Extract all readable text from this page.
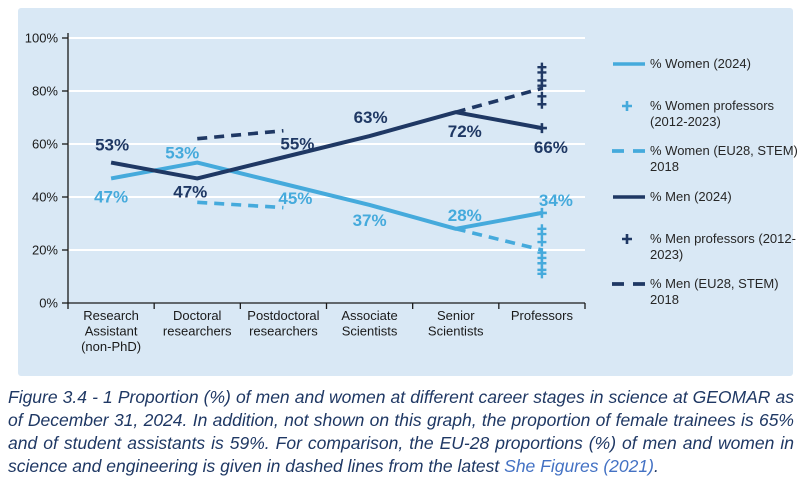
0%
20%
40%
60%
80%
100%
Research
Assistant
(non-PhD)
Doctoral
researchers
Postdoctoral
researchers
Associate
Scientists
Senior
Scientists
Professors
47%
53%
45%
37%	28%
34%
53%
47%
55%
63%
72%
66%
% Women (2024)
% Women professors (2012-2023)
% Women (EU28, STEM) 2018
% Men (2024)
% Men professors (2012-2023)
% Men (EU28, STEM) 2018

Figure 3.4 - 1 Proportion (%) of men and women at different career stages in science at GEOMAR as of December 31, 2024. In addition, not shown on this graph, the proportion of female trainees is 65% and of student assistants is 59%. For comparison, the EU-28 proportions (%) of men and women in science and engineering is given in dashed lines from the latest She Figures (2021).
